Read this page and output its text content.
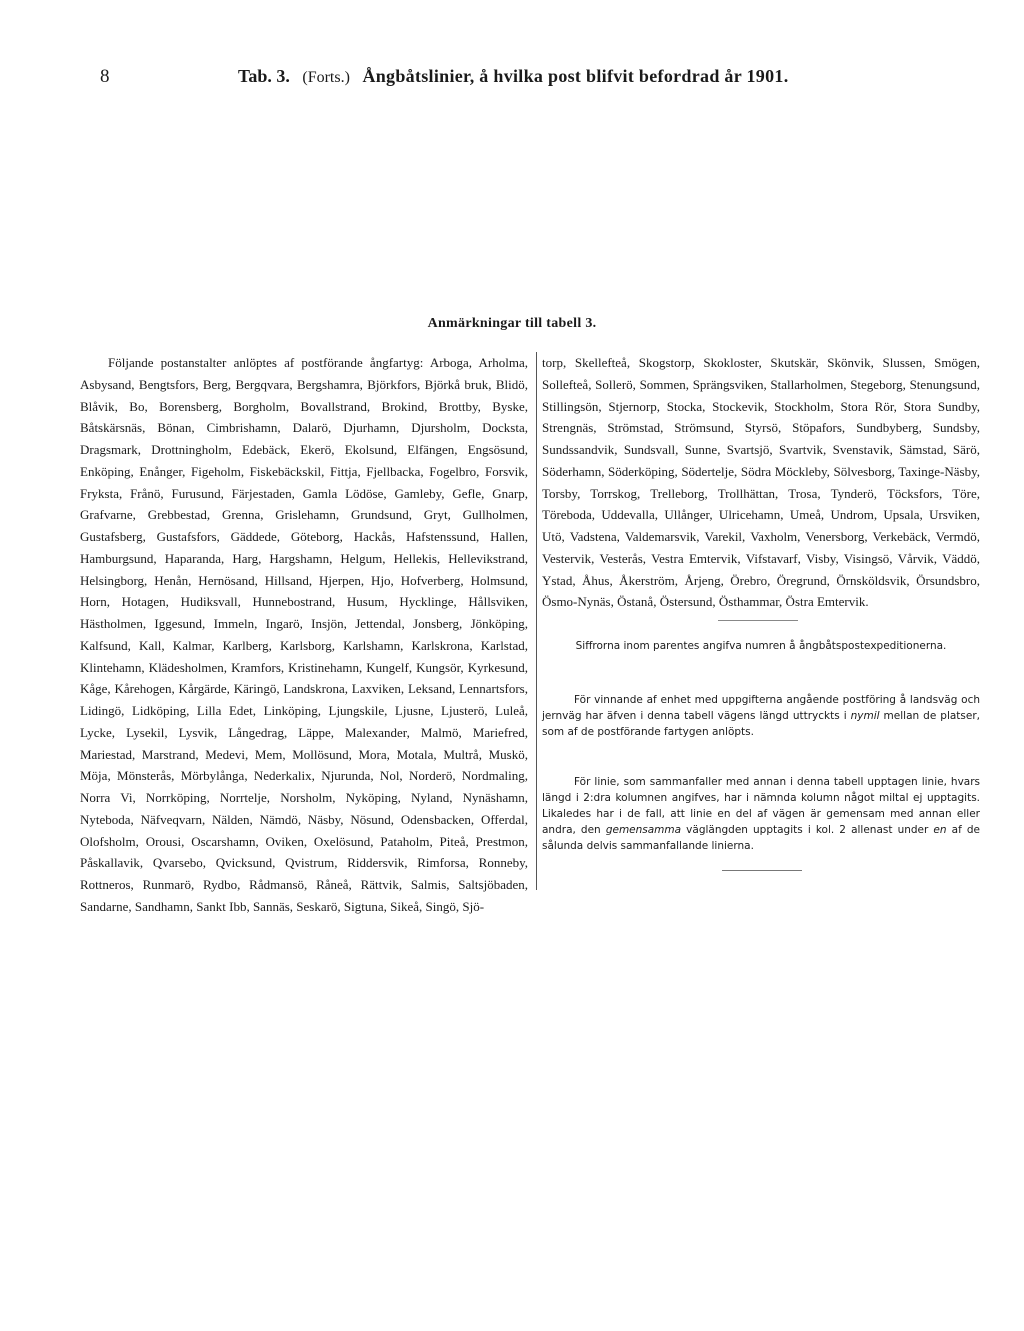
8	Tab. 3. (Forts.) Ångbåtslinier, å hvilka post blifvit befordrad år 1901.
Anmärkningar till tabell 3.
Följande postanstalter anlöptes af postförande ångfartyg: Arboga, Arholma, Asbysand, Bengtsfors, Berg, Bergqvara, Bergshamra, Björkfors, Björkå bruk, Blidö, Blåvik, Bo, Borensberg, Borgholm, Bovallstrand, Brokind, Brottby, Byske, Båtskärsnäs, Bönan, Cimbrishamn, Dalarö, Djurhamn, Djursholm, Docksta, Dragsmark, Drottningholm, Edebäck, Ekerö, Ekolsund, Elfängen, Engsösund, Enköping, Enånger, Figeholm, Fiskebäckskil, Fittja, Fjellbacka, Fogelbro, Forsvik, Fryksta, Frånö, Furusund, Färjestaden, Gamla Lödöse, Gamleby, Gefle, Gnarp, Grafvarne, Grebbestad, Grenna, Grislehamn, Grundsund, Gryt, Gullholmen, Gustafsberg, Gustafsfors, Gäddede, Göteborg, Hackås, Hafstenssund, Hallen, Hamburgsund, Haparanda, Harg, Hargshamn, Helgum, Hellekis, Hellevikstrand, Helsingborg, Henån, Hernösand, Hillsand, Hjerpen, Hjo, Hofverberg, Holmsund, Horn, Hotagen, Hudiksvall, Hunnebostrand, Husum, Hycklinge, Hållsviken, Hästholmen, Iggesund, Immeln, Ingarö, Insjön, Jettendal, Jonsberg, Jönköping, Kalfsund, Kall, Kalmar, Karlberg, Karlsborg, Karlshamn, Karlskrona, Karlstad, Klintehamn, Klädesholmen, Kramfors, Kristinehamn, Kungelf, Kungsör, Kyrkesund, Kåge, Kårehogen, Kårgärde, Käringö, Landskrona, Laxviken, Leksand, Lennartsfors, Lidingö, Lidköping, Lilla Edet, Linköping, Ljungskile, Ljusne, Ljusterö, Luleå, Lycke, Lysekil, Lysvik, Långedrag, Läppe, Malexander, Malmö, Mariefred, Mariestad, Marstrand, Medevi, Mem, Mollösund, Mora, Motala, Multrå, Muskö, Möja, Mönsterås, Mörbylånga, Nederkalix, Njurunda, Nol, Norderö, Nordmaling, Norra Vi, Norrköping, Norrtelje, Norsholm, Nyköping, Nyland, Nynäshamn, Nyteboda, Näfveqvarn, Nälden, Nämdö, Näsby, Nösund, Odensbacken, Offerdal, Olofsholm, Orousi, Oscarshamn, Oviken, Oxelösund, Pataholm, Piteå, Prestmon, Påskallavik, Qvarsebo, Qvicksund, Qvistrum, Riddersvik, Rimforsa, Ronneby, Rottneros, Runmarö, Rydbo, Rådmansö, Råneå, Rättvik, Salmis, Saltsjöbaden, Sandarne, Sandhamn, Sankt Ibb, Sannäs, Seskarö, Sigtuna, Sikeå, Singö, Sjö-
torp, Skellefteå, Skogstorp, Skokloster, Skutskär, Skönvik, Slussen, Smögen, Sollefteå, Sollerö, Sommen, Sprängsviken, Stallarholmen, Stegeborg, Stenungsund, Stillingsön, Stjernorp, Stocka, Stockevik, Stockholm, Stora Rör, Stora Sundby, Strengnäs, Strömstad, Strömsund, Styrsö, Stöpafors, Sundbyberg, Sundsby, Sundssandvik, Sundsvall, Sunne, Svartsjö, Svartvik, Svenstavik, Sämstad, Särö, Söderhamn, Söderköping, Södertelje, Södra Möckleby, Sölvesborg, Taxinge-Näsby, Torsby, Torrskog, Trelleborg, Trollhättan, Trosa, Tynderö, Töcksfors, Töre, Töreboda, Uddevalla, Ullånger, Ulricehamn, Umeå, Undrom, Upsala, Ursviken, Utö, Vadstena, Valdemarsvik, Varekil, Vaxholm, Venersborg, Verkebäck, Vermdö, Vestervik, Vesterås, Vestra Emtervik, Vifstavarf, Visby, Visingsö, Vårvik, Väddö, Ystad, Åhus, Åkerström, Årjeng, Örebro, Öregrund, Örnsköldsvik, Örsundsbro, Ösmo-Nynäs, Östanå, Östersund, Östhammar, Östra Emtervik.
Siffrorna inom parentes angifva numren å ångbåtspostexpeditionerna.
För vinnande af enhet med uppgifterna angående postföring å landsväg och jernväg har äfven i denna tabell vägens längd uttryckts i nymil mellan de platser, som af de postförande fartygen anlöpts.
För linie, som sammanfaller med annan i denna tabell upptagen linie, hvars längd i 2:dra kolumnen angifves, har i nämnda kolumn något miltal ej upptagits. Likaledes har i de fall, att linie en del af vägen är gemensam med annan eller andra, den gemensamma väglängden upptagits i kol. 2 allenast under en af de sålunda delvis sammanfallande linierna.
